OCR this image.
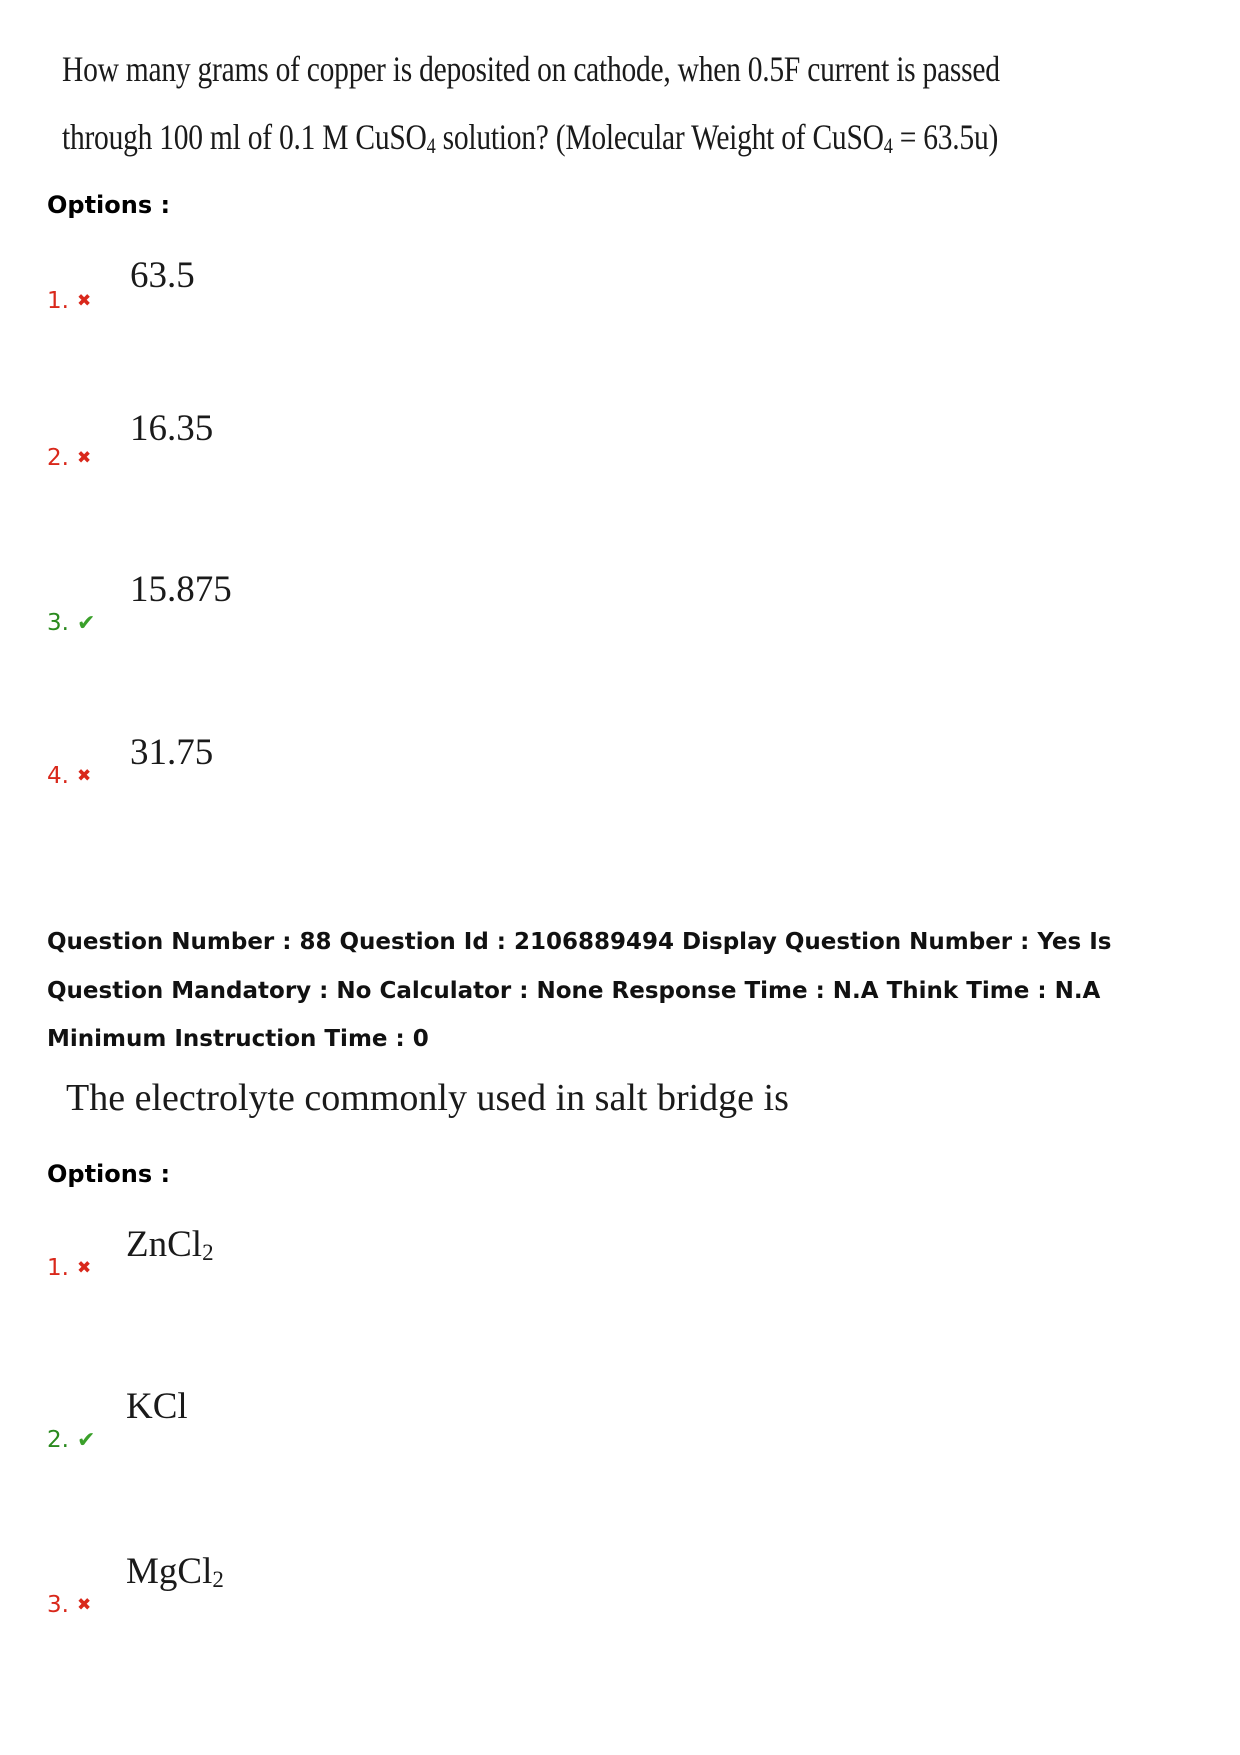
How many grams of copper is deposited on cathode, when 0.5F current is passed
through 100 ml of 0.1 M CuSO$_4$ solution? (Molecular Weight of CuSO$_4$ = 63.5u)
Options :
63.5
1. ✖
16.35
2. ✖
15.875
3. ✔
31.75
4. ✖
Question Number : 88 Question Id : 2106889494 Display Question Number : Yes Is Question Mandatory : No Calculator : None Response Time : N.A Think Time : N.A Minimum Instruction Time : 0
The electrolyte commonly used in salt bridge is
Options :
ZnCl$_2$
1. ✖
KCl
2. ✔
MgCl$_2$
3. ✖
